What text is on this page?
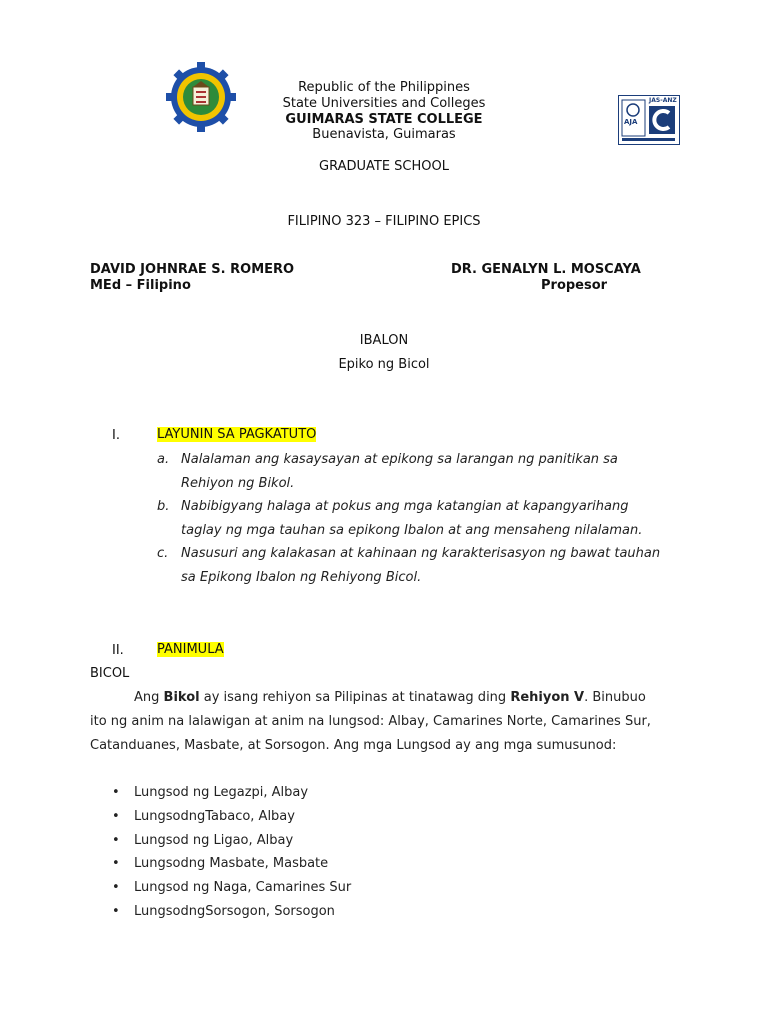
JAS-ANZ
AJA
Republic of the Philippines
State Universities and Colleges
GUIMARAS STATE COLLEGE
Buenavista, Guimaras
GRADUATE SCHOOL
FILIPINO 323 – FILIPINO EPICS
DAVID JOHNRAE S. ROMERO
MEd – Filipino
DR. GENALYN L. MOSCAYA
Propesor
IBALON
Epiko ng Bicol
I.	LAYUNIN SA PAGKATUTO
a. Nalalaman ang kasaysayan at epikong sa larangan ng panitikan sa
Rehiyon ng Bikol.
b. Nabibigyang halaga at pokus ang mga katangian at kapangyarihang
taglay ng mga tauhan sa epikong Ibalon at ang mensaheng nilalaman.
c. Nasusuri ang kalakasan at kahinaan ng karakterisasyon ng bawat tauhan
sa Epikong Ibalon ng Rehiyong Bicol.
II.	PANIMULA
BICOL
Ang Bikol ay isang rehiyon sa Pilipinas at tinatawag ding Rehiyon V. Binubuo
ito ng anim na lalawigan at anim na lungsod: Albay, Camarines Norte, Camarines Sur,
Catanduanes, Masbate, at Sorsogon. Ang mga Lungsod ay ang mga sumusunod:
• Lungsod ng Legazpi, Albay
• LungsodngTabaco, Albay
• Lungsod ng Ligao, Albay
• Lungsodng Masbate, Masbate
• Lungsod ng Naga, Camarines Sur
• LungsodngSorsogon, Sorsogon
